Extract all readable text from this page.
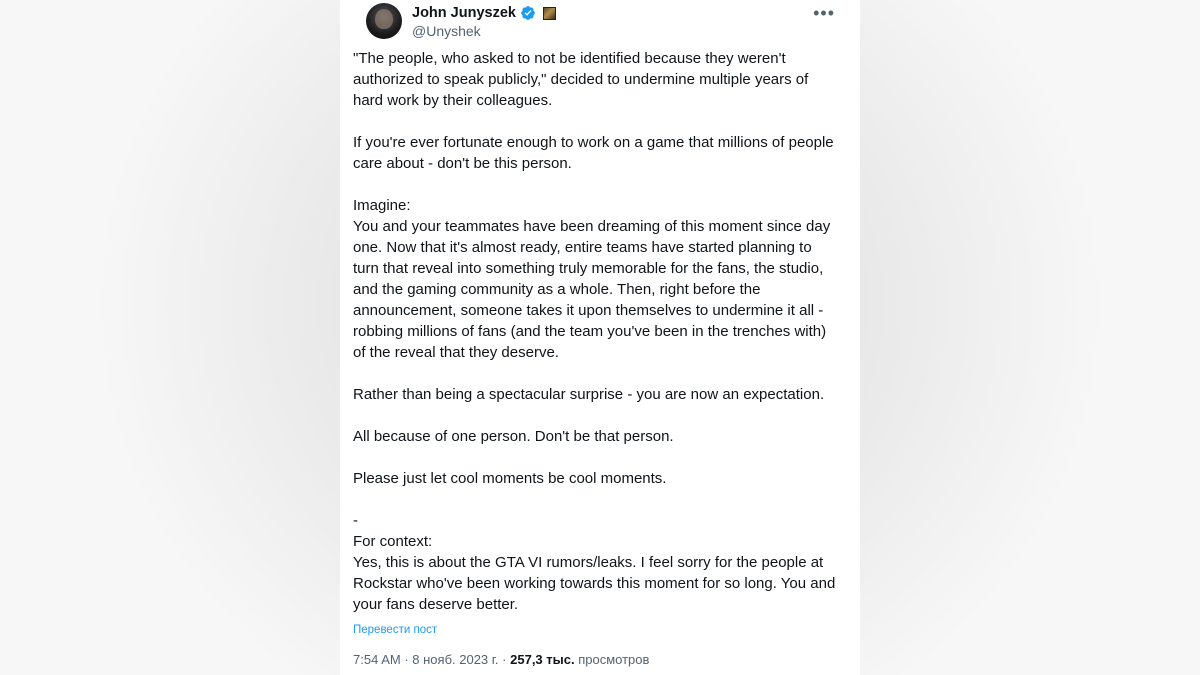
John Junyszek
@Unyshek
•••
"The people, who asked to not be identified because they weren't
authorized to speak publicly," decided to undermine multiple years of
hard work by their colleagues.

If you're ever fortunate enough to work on a game that millions of people
care about - don't be this person.

Imagine:
You and your teammates have been dreaming of this moment since day
one. Now that it's almost ready, entire teams have started planning to
turn that reveal into something truly memorable for the fans, the studio,
and the gaming community as a whole. Then, right before the
announcement, someone takes it upon themselves to undermine it all -
robbing millions of fans (and the team you've been in the trenches with)
of the reveal that they deserve.

Rather than being a spectacular surprise - you are now an expectation.

All because of one person. Don't be that person.

Please just let cool moments be cool moments.

-
For context:
Yes, this is about the GTA VI rumors/leaks. I feel sorry for the people at
Rockstar who've been working towards this moment for so long. You and
your fans deserve better.
Перевести пост
7:54 AM · 8 нояб. 2023 г. · 257,3 тыс. просмотров
